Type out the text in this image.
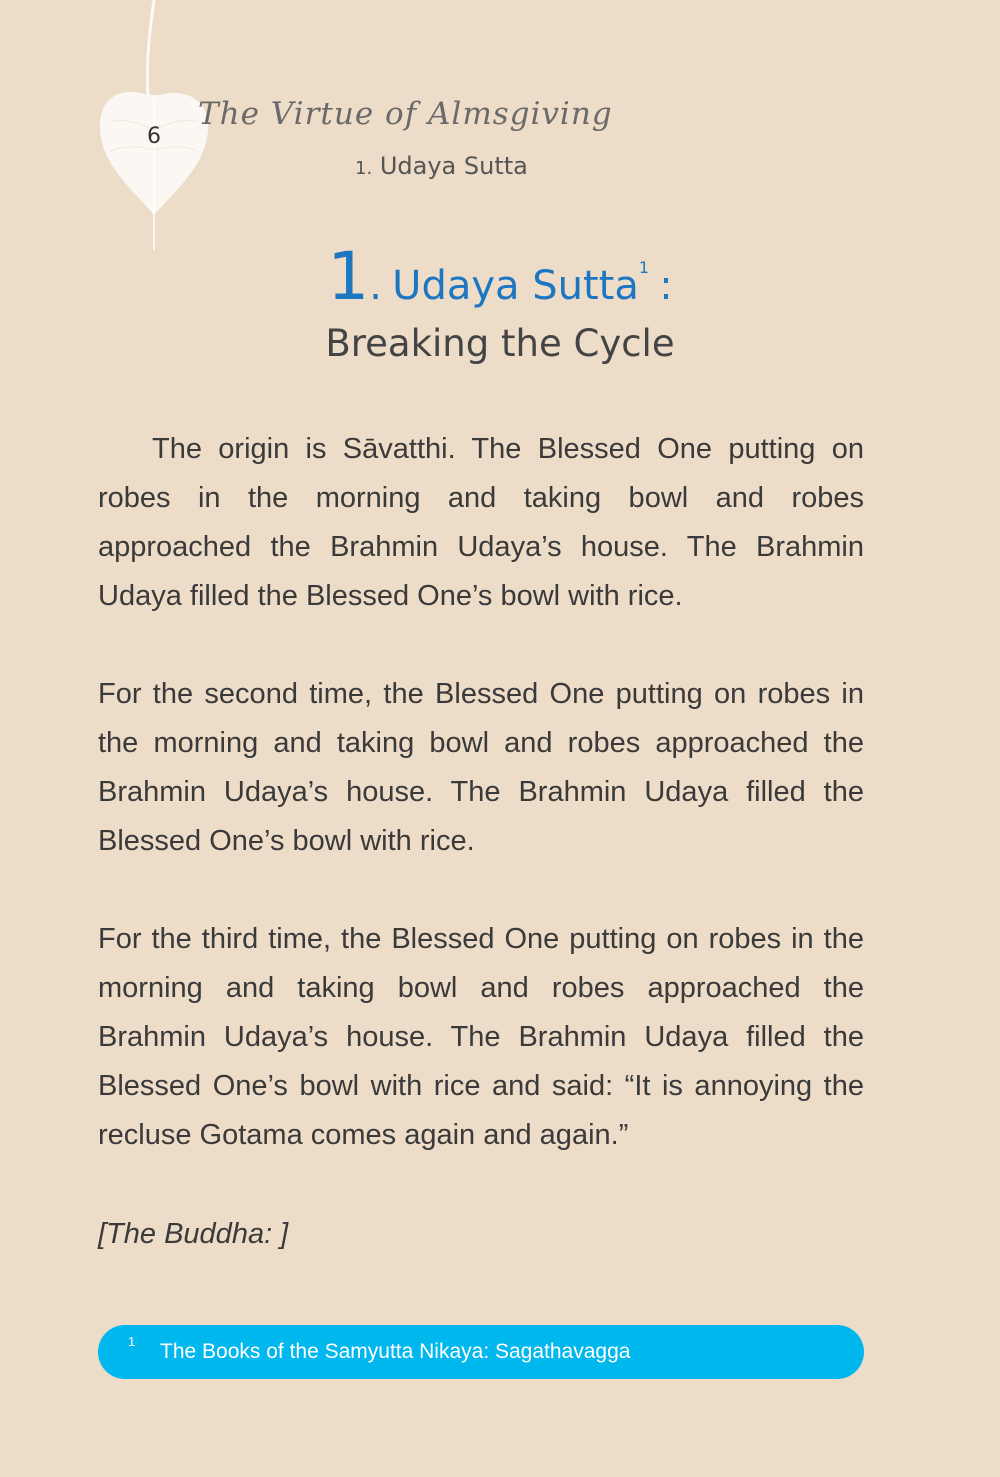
6
The Virtue of Almsgiving
1. Udaya Sutta
1. Udaya Sutta$^1$ :
Breaking the Cycle

The origin is Sāvatthi. The Blessed One putting on robes in the morning and taking bowl and robes approached the Brahmin Udaya’s house. The Brahmin Udaya filled the Blessed One’s bowl with rice.

For the second time, the Blessed One putting on robes in the morning and taking bowl and robes approached the Brahmin Udaya’s house. The Brahmin Udaya filled the Blessed One’s bowl with rice.

For the third time, the Blessed One putting on robes in the morning and taking bowl and robes approached the Brahmin Udaya’s house. The Brahmin Udaya filled the Blessed One’s bowl with rice and said: “It is annoying the recluse Gotama comes again and again.”

[The Buddha: ]
1 The Books of the Samyutta Nikaya: Sagathavagga
